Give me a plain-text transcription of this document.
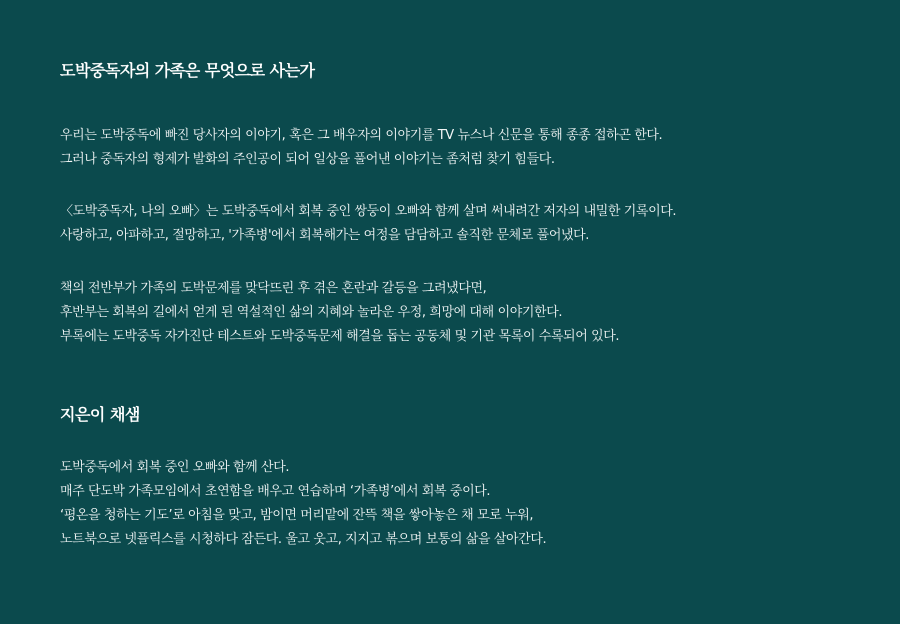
도박중독자의 가족은 무엇으로 사는가

우리는 도박중독에 빠진 당사자의 이야기, 혹은 그 배우자의 이야기를 TV 뉴스나 신문을 통해 종종 접하곤 한다.
그러나 중독자의 형제가 발화의 주인공이 되어 일상을 풀어낸 이야기는 좀처럼 찾기 힘들다.

〈도박중독자, 나의 오빠〉는 도박중독에서 회복 중인 쌍둥이 오빠와 함께 살며 써내려간 저자의 내밀한 기록이다.
사랑하고, 아파하고, 절망하고, '가족병'에서 회복해가는 여정을 담담하고 솔직한 문체로 풀어냈다.

책의 전반부가 가족의 도박문제를 맞닥뜨린 후 겪은 혼란과 갈등을 그려냈다면,
후반부는 회복의 길에서 얻게 된 역설적인 삶의 지혜와 놀라운 우정, 희망에 대해 이야기한다.
부록에는 도박중독 자가진단 테스트와 도박중독문제 해결을 돕는 공동체 및 기관 목록이 수록되어 있다.

지은이 채샘

도박중독에서 회복 중인 오빠와 함께 산다.
매주 단도박 가족모임에서 초연함을 배우고 연습하며 ‘가족병’에서 회복 중이다.
‘평온을 청하는 기도’로 아침을 맞고, 밤이면 머리맡에 잔뜩 책을 쌓아놓은 채 모로 누워,
노트북으로 넷플릭스를 시청하다 잠든다. 울고 웃고, 지지고 볶으며 보통의 삶을 살아간다.
